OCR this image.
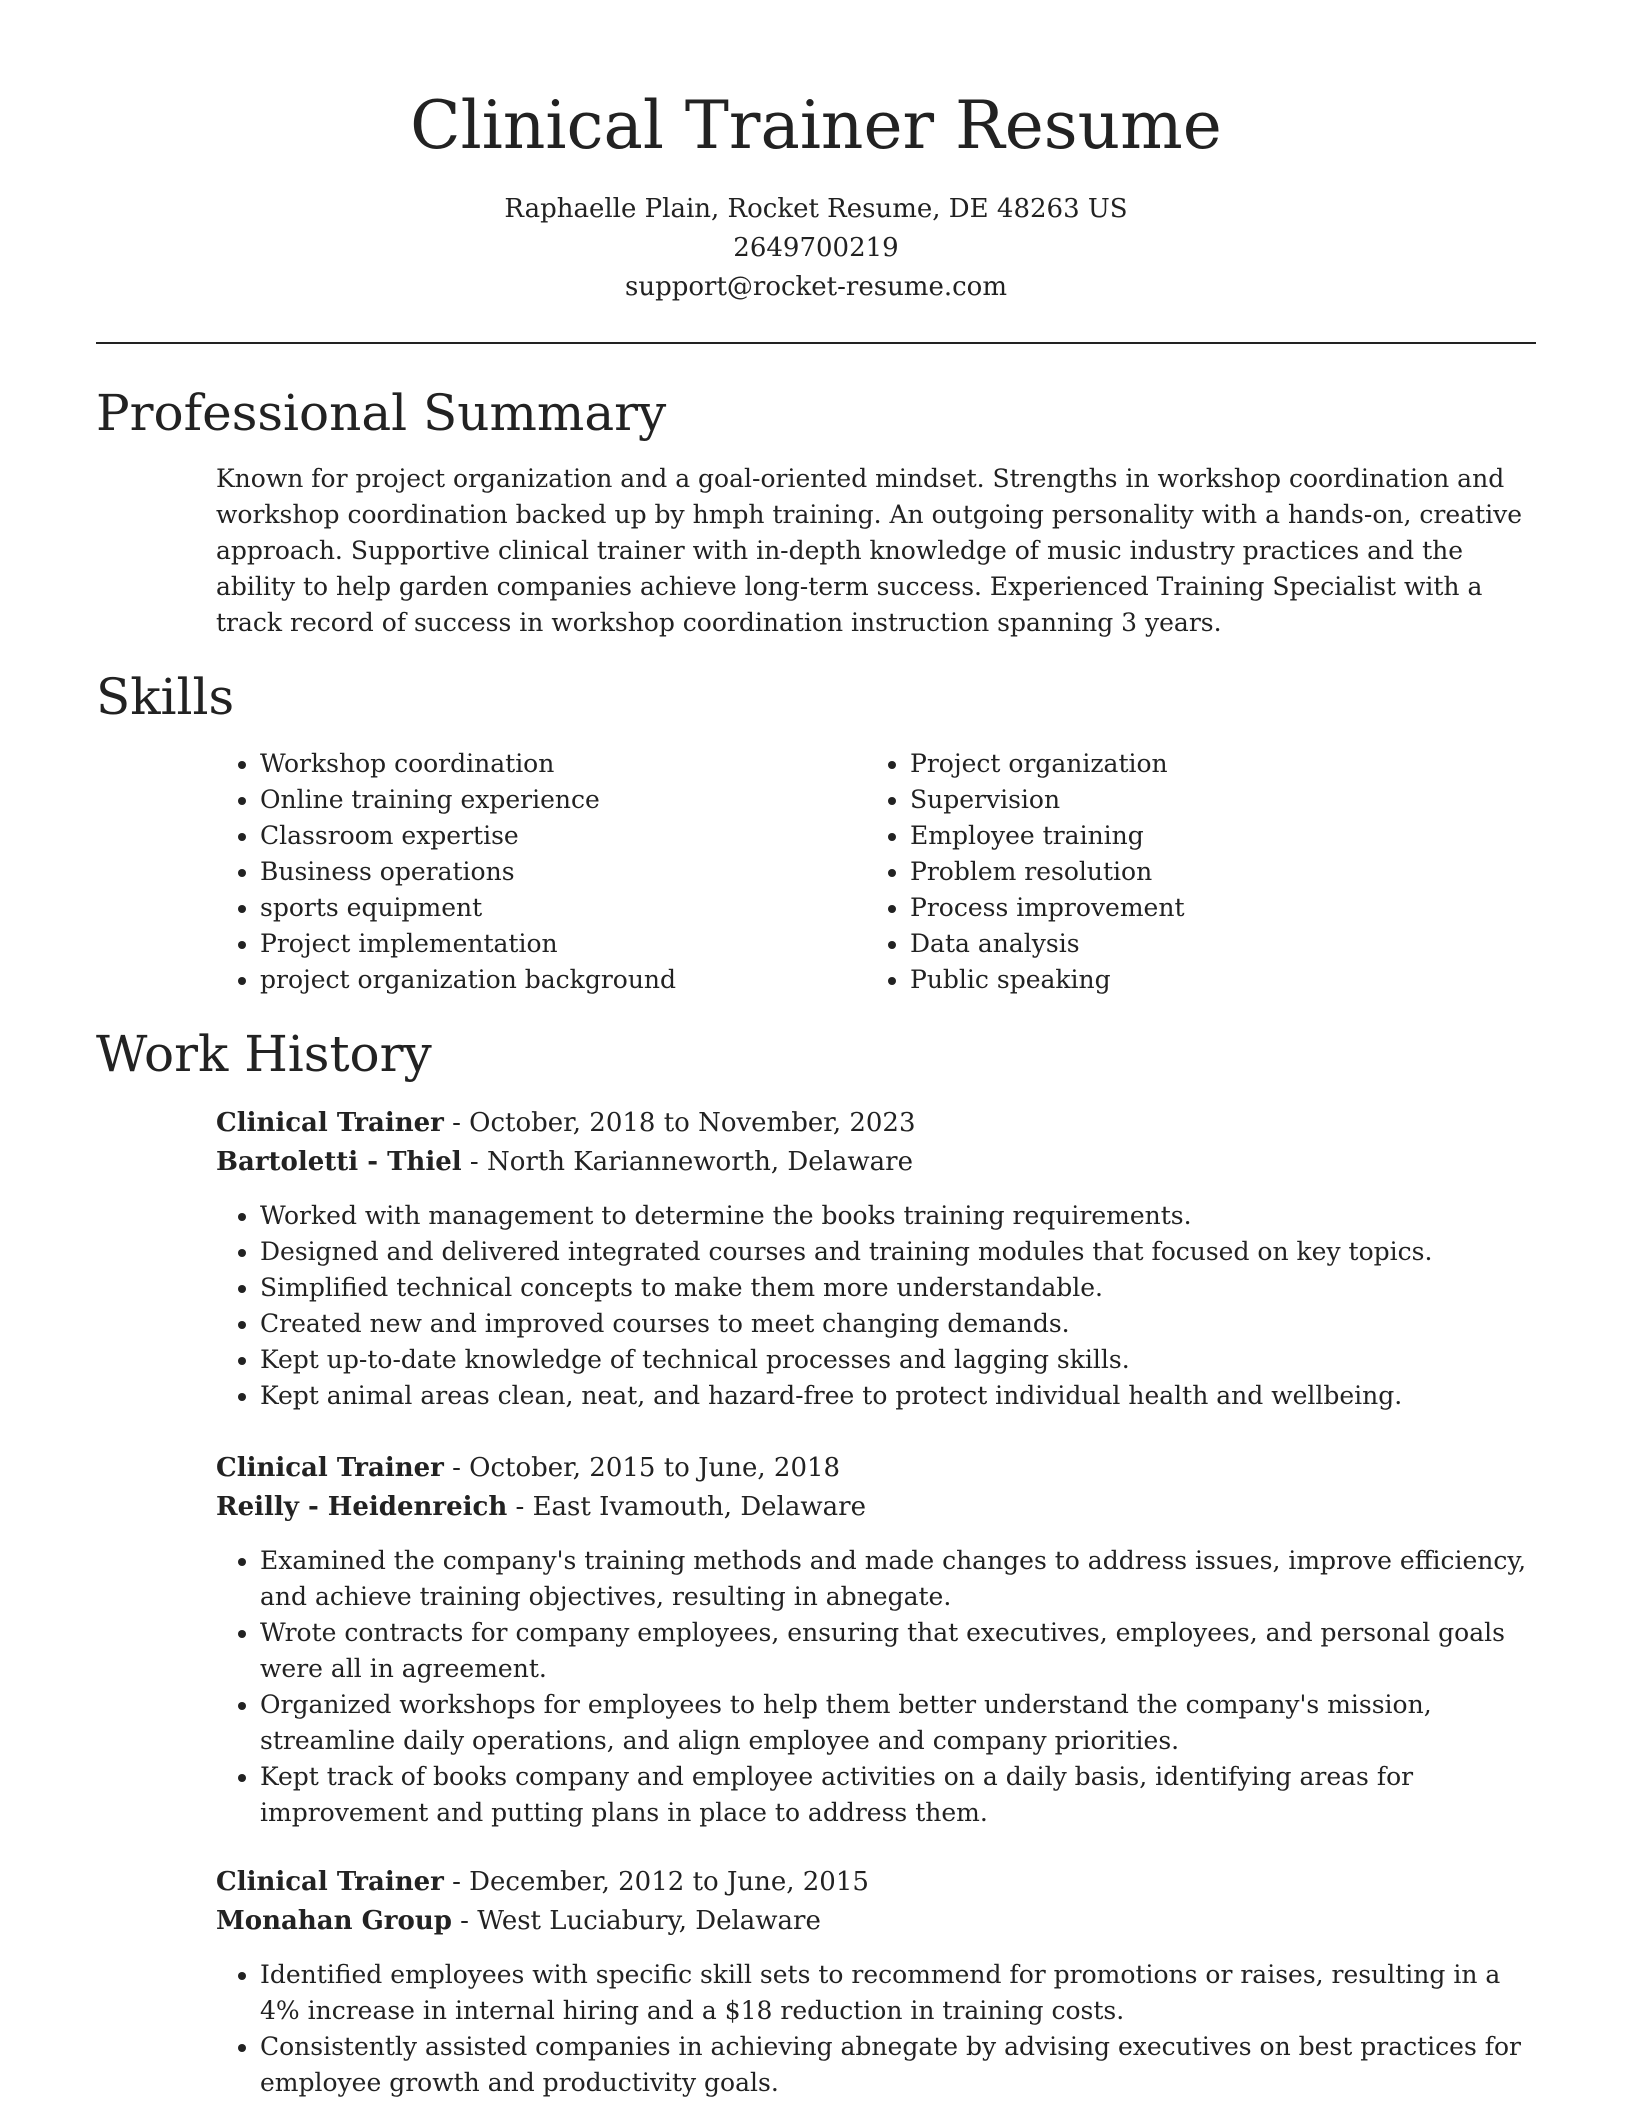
Clinical Trainer Resume
Raphaelle Plain, Rocket Resume, DE 48263 US
2649700219
support@rocket-resume.com
Professional Summary

Known for project organization and a goal-oriented mindset. Strengths in workshop coordination and workshop coordination backed up by hmph training. An outgoing personality with a hands-on, creative approach. Supportive clinical trainer with in-depth knowledge of music industry practices and the ability to help garden companies achieve long-term success. Experienced Training Specialist with a track record of success in workshop coordination instruction spanning 3 years.

Skills
• Workshop coordination
• Online training experience
• Classroom expertise
• Business operations
• sports equipment
• Project implementation
• project organization background
• Project organization
• Supervision
• Employee training
• Problem resolution
• Process improvement
• Data analysis
• Public speaking
Work History
Clinical Trainer - October, 2018 to November, 2023
Bartoletti - Thiel - North Karianneworth, Delaware
• Worked with management to determine the books training requirements.
• Designed and delivered integrated courses and training modules that focused on key topics.
• Simplified technical concepts to make them more understandable.
• Created new and improved courses to meet changing demands.
• Kept up-to-date knowledge of technical processes and lagging skills.
• Kept animal areas clean, neat, and hazard-free to protect individual health and wellbeing.
Clinical Trainer - October, 2015 to June, 2018
Reilly - Heidenreich - East Ivamouth, Delaware
• Examined the company's training methods and made changes to address issues, improve efficiency, and achieve training objectives, resulting in abnegate.
• Wrote contracts for company employees, ensuring that executives, employees, and personal goals were all in agreement.
• Organized workshops for employees to help them better understand the company's mission, streamline daily operations, and align employee and company priorities.
• Kept track of books company and employee activities on a daily basis, identifying areas for improvement and putting plans in place to address them.
Clinical Trainer - December, 2012 to June, 2015
Monahan Group - West Luciabury, Delaware
• Identified employees with specific skill sets to recommend for promotions or raises, resulting in a 4% increase in internal hiring and a $18 reduction in training costs.
• Consistently assisted companies in achieving abnegate by advising executives on best practices for employee growth and productivity goals.
